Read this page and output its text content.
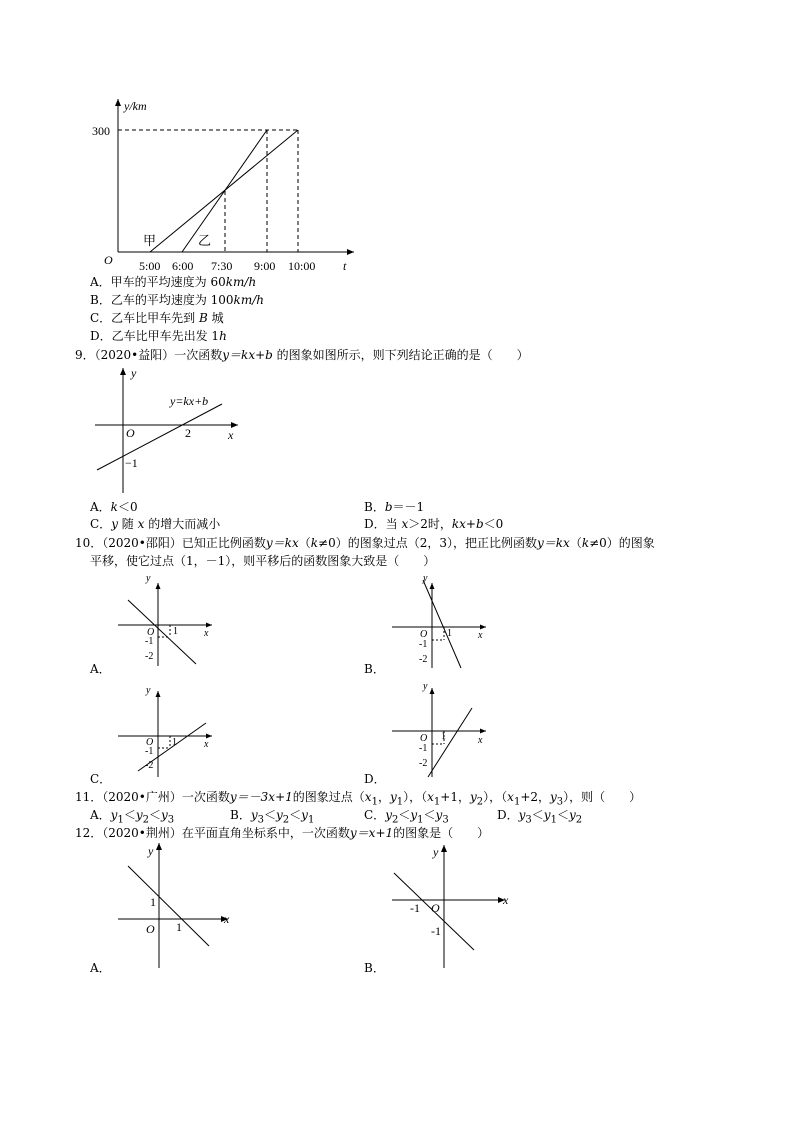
y/km
300
O	t
5:00 6:00 7:30 9:00 10:00
甲	乙
A．甲车的平均速度为 60km/h
B．乙车的平均速度为 100km/h
C．乙车比甲车先到 B 城
D．乙车比甲车先出发 1h
9．（2020•益阳）一次函数y＝kx+b 的图象如图所示，则下列结论正确的是（　　）
y
x
O
y=kx+b
2
−1
A．k＜0	B．b＝－1
C．y 随 x 的增大而减小	D．当 x＞2时，kx+b＜0
10．（2020•邵阳）已知正比例函数y＝kx（k≠0）的图象过点（2，3），把正比例函数y＝kx（k≠0）的图象
平移，使它过点（1，－1），则平移后的函数图象大致是（　　）
y
x
O 1
-1
-2
y
x
O 1
-1
-2
y
x
O 1
-1
-2
y
x
O 1
-1
-2
A．	B．
C．	D．
11．（2020•广州）一次函数y＝－3x+1的图象过点（$x_1$，$y_1$），（$x_1+1$，$y_2$），（$x_1+2$，$y_3$），则（　　）
A．$y_1<y_2<y_3$	B．$y_3<y_2<y_1$	C．$y_2<y_1<y_3$	D．$y_3<y_1<y_2$
12．（2020•荆州）在平面直角坐标系中，一次函数y＝x+1的图象是（　　）
y
x
O
1
1
y
x
O
-1
-1
A．	B．
